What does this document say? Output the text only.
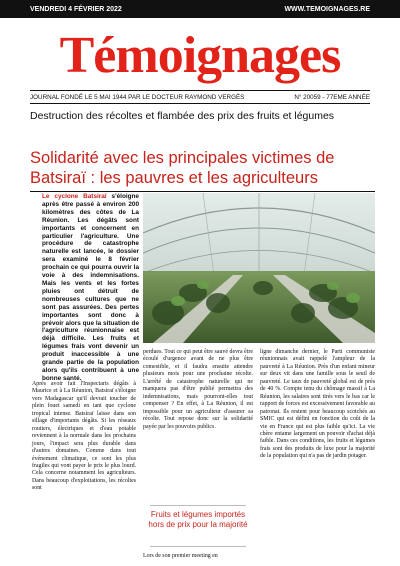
VENDREDI 4 FÉVRIER 2022	WWW.TEMOIGNAGES.RE
Témoignages
JOURNAL FONDÉ LE 5 MAI 1944 PAR LE DOCTEUR RAYMOND VERGÈS	N° 20059 - 77EME ANNÉE
Destruction des récoltes et flambée des prix des fruits et légumes
Solidarité avec les principales victimes de Batsiraï : les pauvres et les agriculteurs
Le cyclone Batsiraï s'éloigne après être passé à environ 200 kilomètres des côtes de La Réunion. Les dégâts sont importants et concernent en particulier l'agriculture. Une procédure de catastrophe naturelle est lancée, le dossier sera examiné le 8 février prochain ce qui pourra ouvrir la voie à des indemnisations. Mais les vents et les fortes pluies ont détruit de nombreuses cultures que ne sont pas assurées. Des pertes importantes sont donc à prévoir alors que la situation de l'agriculture réunionnaise est déjà difficile. Les fruits et légumes frais vont devenir un produit inaccessible à une grande partie de la population alors qu'ils contribuent à une bonne santé.
Après avoir fait l'Inspectaris dégâts à Maurice et à La Réunion, Batsiraï s'éloigne vers Madagascar qu'il devrait toucher de plein fouet samedi en tant que cyclone tropical intense. Batsiraï laisse dans son sillage d'importants dégâts. Si les réseaux routiers, électriques et d'eau potable reviennent à la normale dans les prochains jours, l'impact sera plus durable dans d'autres domaines. Comme dans tout événement climatique, ce sont les plus fragiles qui vont payer le prix le plus lourd. Cela concerne notamment les agriculteurs. Dans beaucoup d'exploitations, les récoltes sont
perdues. Tout ce qui peut être sauvé devra être écoulé d'urgence avant de ne plus être comestible, et il faudra ensuite attendre plusieurs mois pour une prochaine récolte. L'arrêté de catastrophe naturelle qui ne manquera pas d'être publié permettra des indemnisations, mais pourront-elles tout compenser ? En effet, à La Réunion, il est impossible pour un agriculteur d'assurer sa récolte. Tout repose donc sur la solidarité payée par les pouvoirs publics.
Fruits et légumes importés hors de prix pour la majorité
Lors de son premier meeting en
ligne dimanche dernier, le Parti communiste réunionnais avait rappelé l'ampleur de la pauvreté à La Réunion. Près d'un enfant mineur sur deux vit dans une famille sous le seuil de pauvreté. Le taux de pauvreté global est de près de 40 %. Compte tenu du chômage massif à La Réunion, les salaires sont tirés vers le bas car le rapport de forces est excessivement favorable au patronat. Ils restent pour beaucoup scotchés au SMIC qui est défini en fonction du coût de la vie en France qui est plus faible qu'ici. La vie chère entame largement un pouvoir d'achat déjà faible. Dans ces conditions, les fruits et légumes frais sont des produits de luxe pour la majorité de la population qui n'a pas de jardin potager.
